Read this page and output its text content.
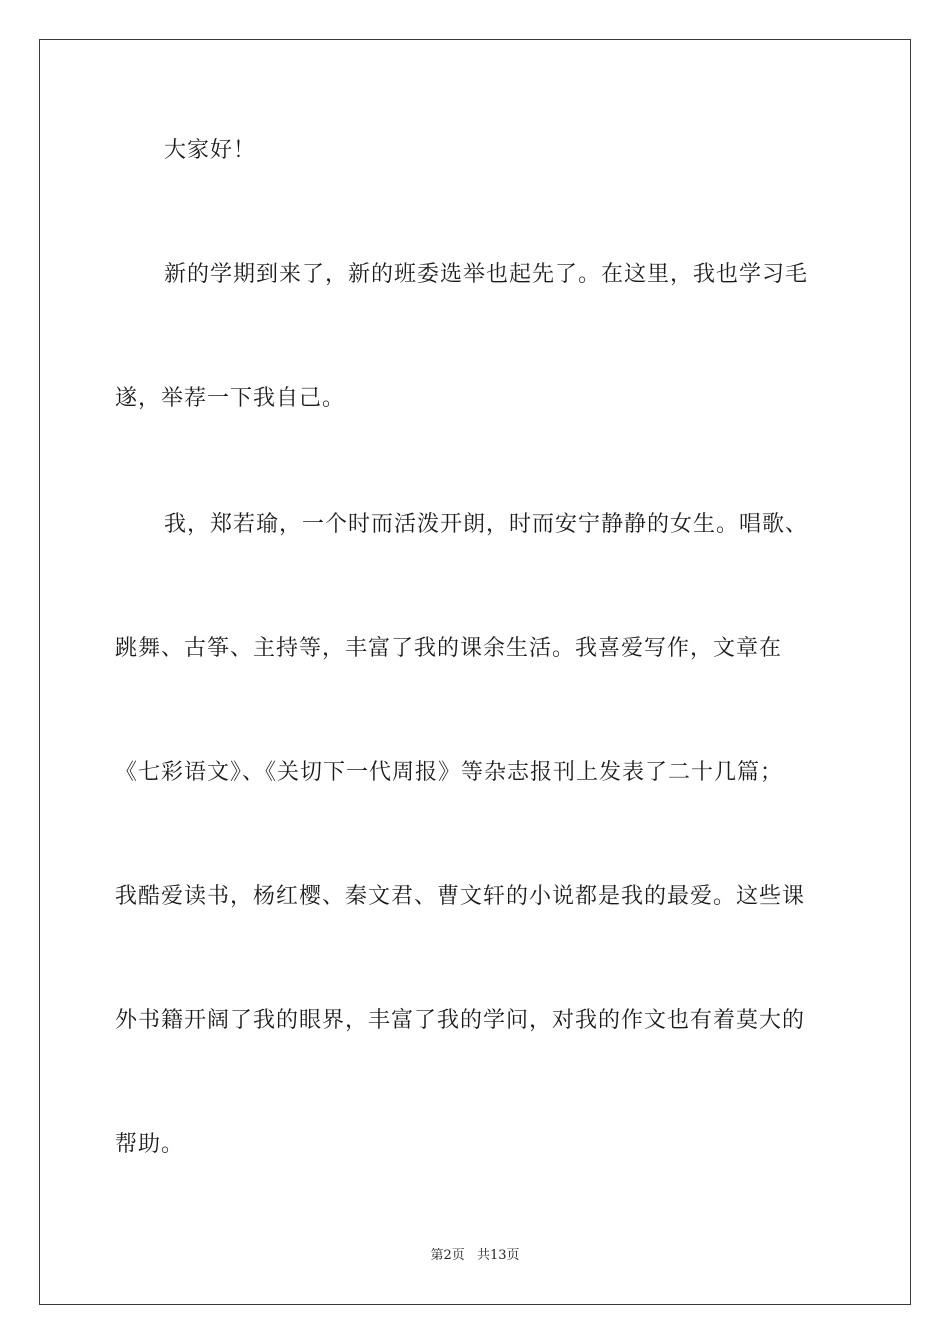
大家好！
新的学期到来了，新的班委选举也起先了。在这里，我也学习毛
遂，举荐一下我自己。
我，郑若瑜，一个时而活泼开朗，时而安宁静静的女生。唱歌、
跳舞、古筝、主持等，丰富了我的课余生活。我喜爱写作，文章在
《七彩语文》、《关切下一代周报》等杂志报刊上发表了二十几篇；
我酷爱读书，杨红樱、秦文君、曹文轩的小说都是我的最爱。这些课
外书籍开阔了我的眼界，丰富了我的学问，对我的作文也有着莫大的
帮助。
第2页 共13页
